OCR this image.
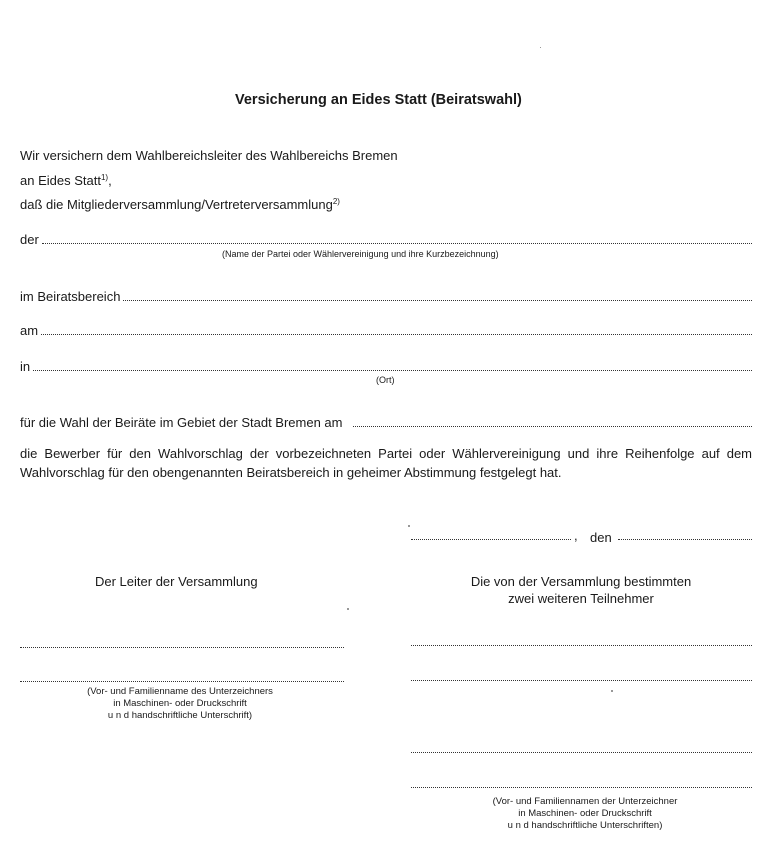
Versicherung an Eides Statt (Beiratswahl)
Wir versichern dem Wahlbereichsleiter des Wahlbereichs Bremen
an Eides Statt$^{1)}$,
daß die Mitgliederversammlung/Vertreterversammlung$^{2)}$
der
(Name der Partei oder Wählervereinigung und ihre Kurzbezeichnung)
im Beiratsbereich
am
in
(Ort)
für die Wahl der Beiräte im Gebiet der Stadt Bremen am
die Bewerber für den Wahlvorschlag der vorbezeichneten Partei oder Wählervereinigung und ihre Reihenfolge auf dem Wahlvorschlag für den obengenannten Beiratsbereich in geheimer Abstimmung festgelegt hat.
, den
Der Leiter der Versammlung
(Vor- und Familienname des Unterzeichners
in Maschinen- oder Druckschrift
u n d handschriftliche Unterschrift)
Die von der Versammlung bestimmten
zwei weiteren Teilnehmer
(Vor- und Familiennamen der Unterzeichner
in Maschinen- oder Druckschrift
u n d handschriftliche Unterschriften)
